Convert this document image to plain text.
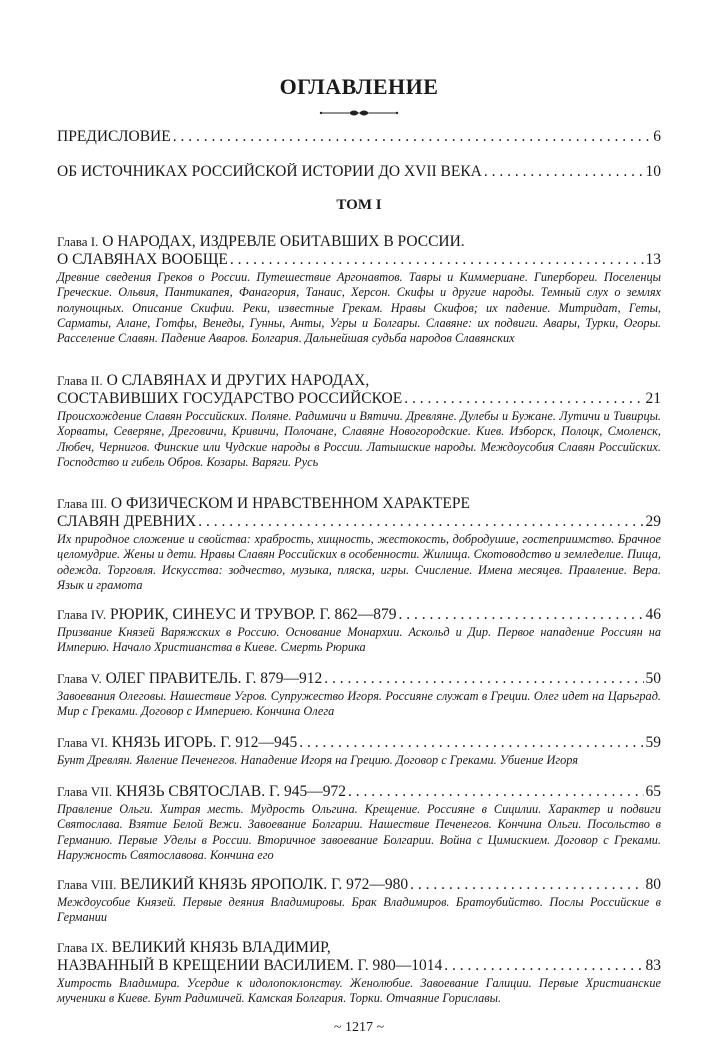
ОГЛАВЛЕНИЕ
ПРЕДИСЛОВИЕ . . .	6
ОБ ИСТОЧНИКАХ РОССИЙСКОЙ ИСТОРИИ ДО XVII ВЕКА . . .	10
ТОМ I
Глава I. О НАРОДАХ, ИЗДРЕВЛЕ ОБИТАВШИХ В РОССИИ.
О СЛАВЯНАХ ВООБЩЕ . . .	13
Древние сведения Греков о России. Путешествие Аргонавтов. Тавры и Киммериане. Гипербореи. Поселенцы Греческие. Ольвия, Пантикапея, Фанагория, Танаис, Херсон. Скифы и другие народы. Темный слух о землях полунощных. Описание Скифии. Реки, известные Грекам. Нравы Скифов; их падение. Митридат, Геты, Сарматы, Алане, Готфы, Венеды, Гунны, Анты, Угры и Болгары. Славяне: их подвиги. Авары, Турки, Огоры. Расселение Славян. Падение Аваров. Болгария. Дальнейшая судьба народов Славянских
Глава II. О СЛАВЯНАХ И ДРУГИХ НАРОДАХ,
СОСТАВИВШИХ ГОСУДАРСТВО РОССИЙСКОЕ . . .	21
Происхождение Славян Российских. Поляне. Радимичи и Вятичи. Древляне. Дулебы и Бужане. Лутичи и Тивирцы. Хорваты, Северяне, Дреговичи, Кривичи, Полочане, Славяне Новогородские. Киев. Изборск, Полоцк, Смоленск, Любеч, Чернигов. Финские или Чудские народы в России. Латышские народы. Междоусобия Славян Российских. Господство и гибель Обров. Козары. Варяги. Русь
Глава III. О ФИЗИЧЕСКОМ И НРАВСТВЕННОМ ХАРАКТЕРЕ
СЛАВЯН ДРЕВНИХ . . .	29
Их природное сложение и свойства: храбрость, хищность, жестокость, добродушие, гостеприимство. Брачное целомудрие. Жены и дети. Нравы Славян Российских в особенности. Жилища. Скотоводство и земледелие. Пища, одежда. Торговля. Искусства: зодчество, музыка, пляска, игры. Счисление. Имена месяцев. Правление. Вера. Язык и грамота
Глава IV. РЮРИК, СИНЕУС И ТРУВОР. Г. 862—879 . . .	46
Призвание Князей Варяжских в Россию. Основание Монархии. Аскольд и Дир. Первое нападение Россиян на Империю. Начало Христианства в Киеве. Смерть Рюрика
Глава V. ОЛЕГ ПРАВИТЕЛЬ. Г. 879—912 . . .	50
Завоевания Олеговы. Нашествие Угров. Супружество Игоря. Россияне служат в Греции. Олег идет на Царьград. Мир с Греками. Договор с Империею. Кончина Олега
Глава VI. КНЯЗЬ ИГОРЬ. Г. 912—945 . . .	59
Бунт Древлян. Явление Печенегов. Нападение Игоря на Грецию. Договор с Греками. Убиение Игоря
Глава VII. КНЯЗЬ СВЯТОСЛАВ. Г. 945—972 . . .	65
Правление Ольги. Хитрая месть. Мудрость Ольгина. Крещение. Россияне в Сицилии. Характер и подвиги Святослава. Взятие Белой Вежи. Завоевание Болгарии. Нашествие Печенегов. Кончина Ольги. Посольство в Германию. Первые Уделы в России. Вторичное завоевание Болгарии. Война с Цимискием. Договор с Греками. Наружность Святославова. Кончина его
Глава VIII. ВЕЛИКИЙ КНЯЗЬ ЯРОПОЛК. Г. 972—980 . . .	80
Междоусобие Князей. Первые деяния Владимировы. Брак Владимиров. Братоубийство. Послы Российские в Германии
Глава IX. ВЕЛИКИЙ КНЯЗЬ ВЛАДИМИР,
НАЗВАННЫЙ В КРЕЩЕНИИ ВАСИЛИЕМ. Г. 980—1014 . . .	83
Хитрость Владимира. Усердие к идолопоклонству. Женолюбие. Завоевание Галиции. Первые Христианские мученики в Киеве. Бунт Радимичей. Камская Болгария. Торки. Отчаяние Гориславы.
~ 1217 ~
